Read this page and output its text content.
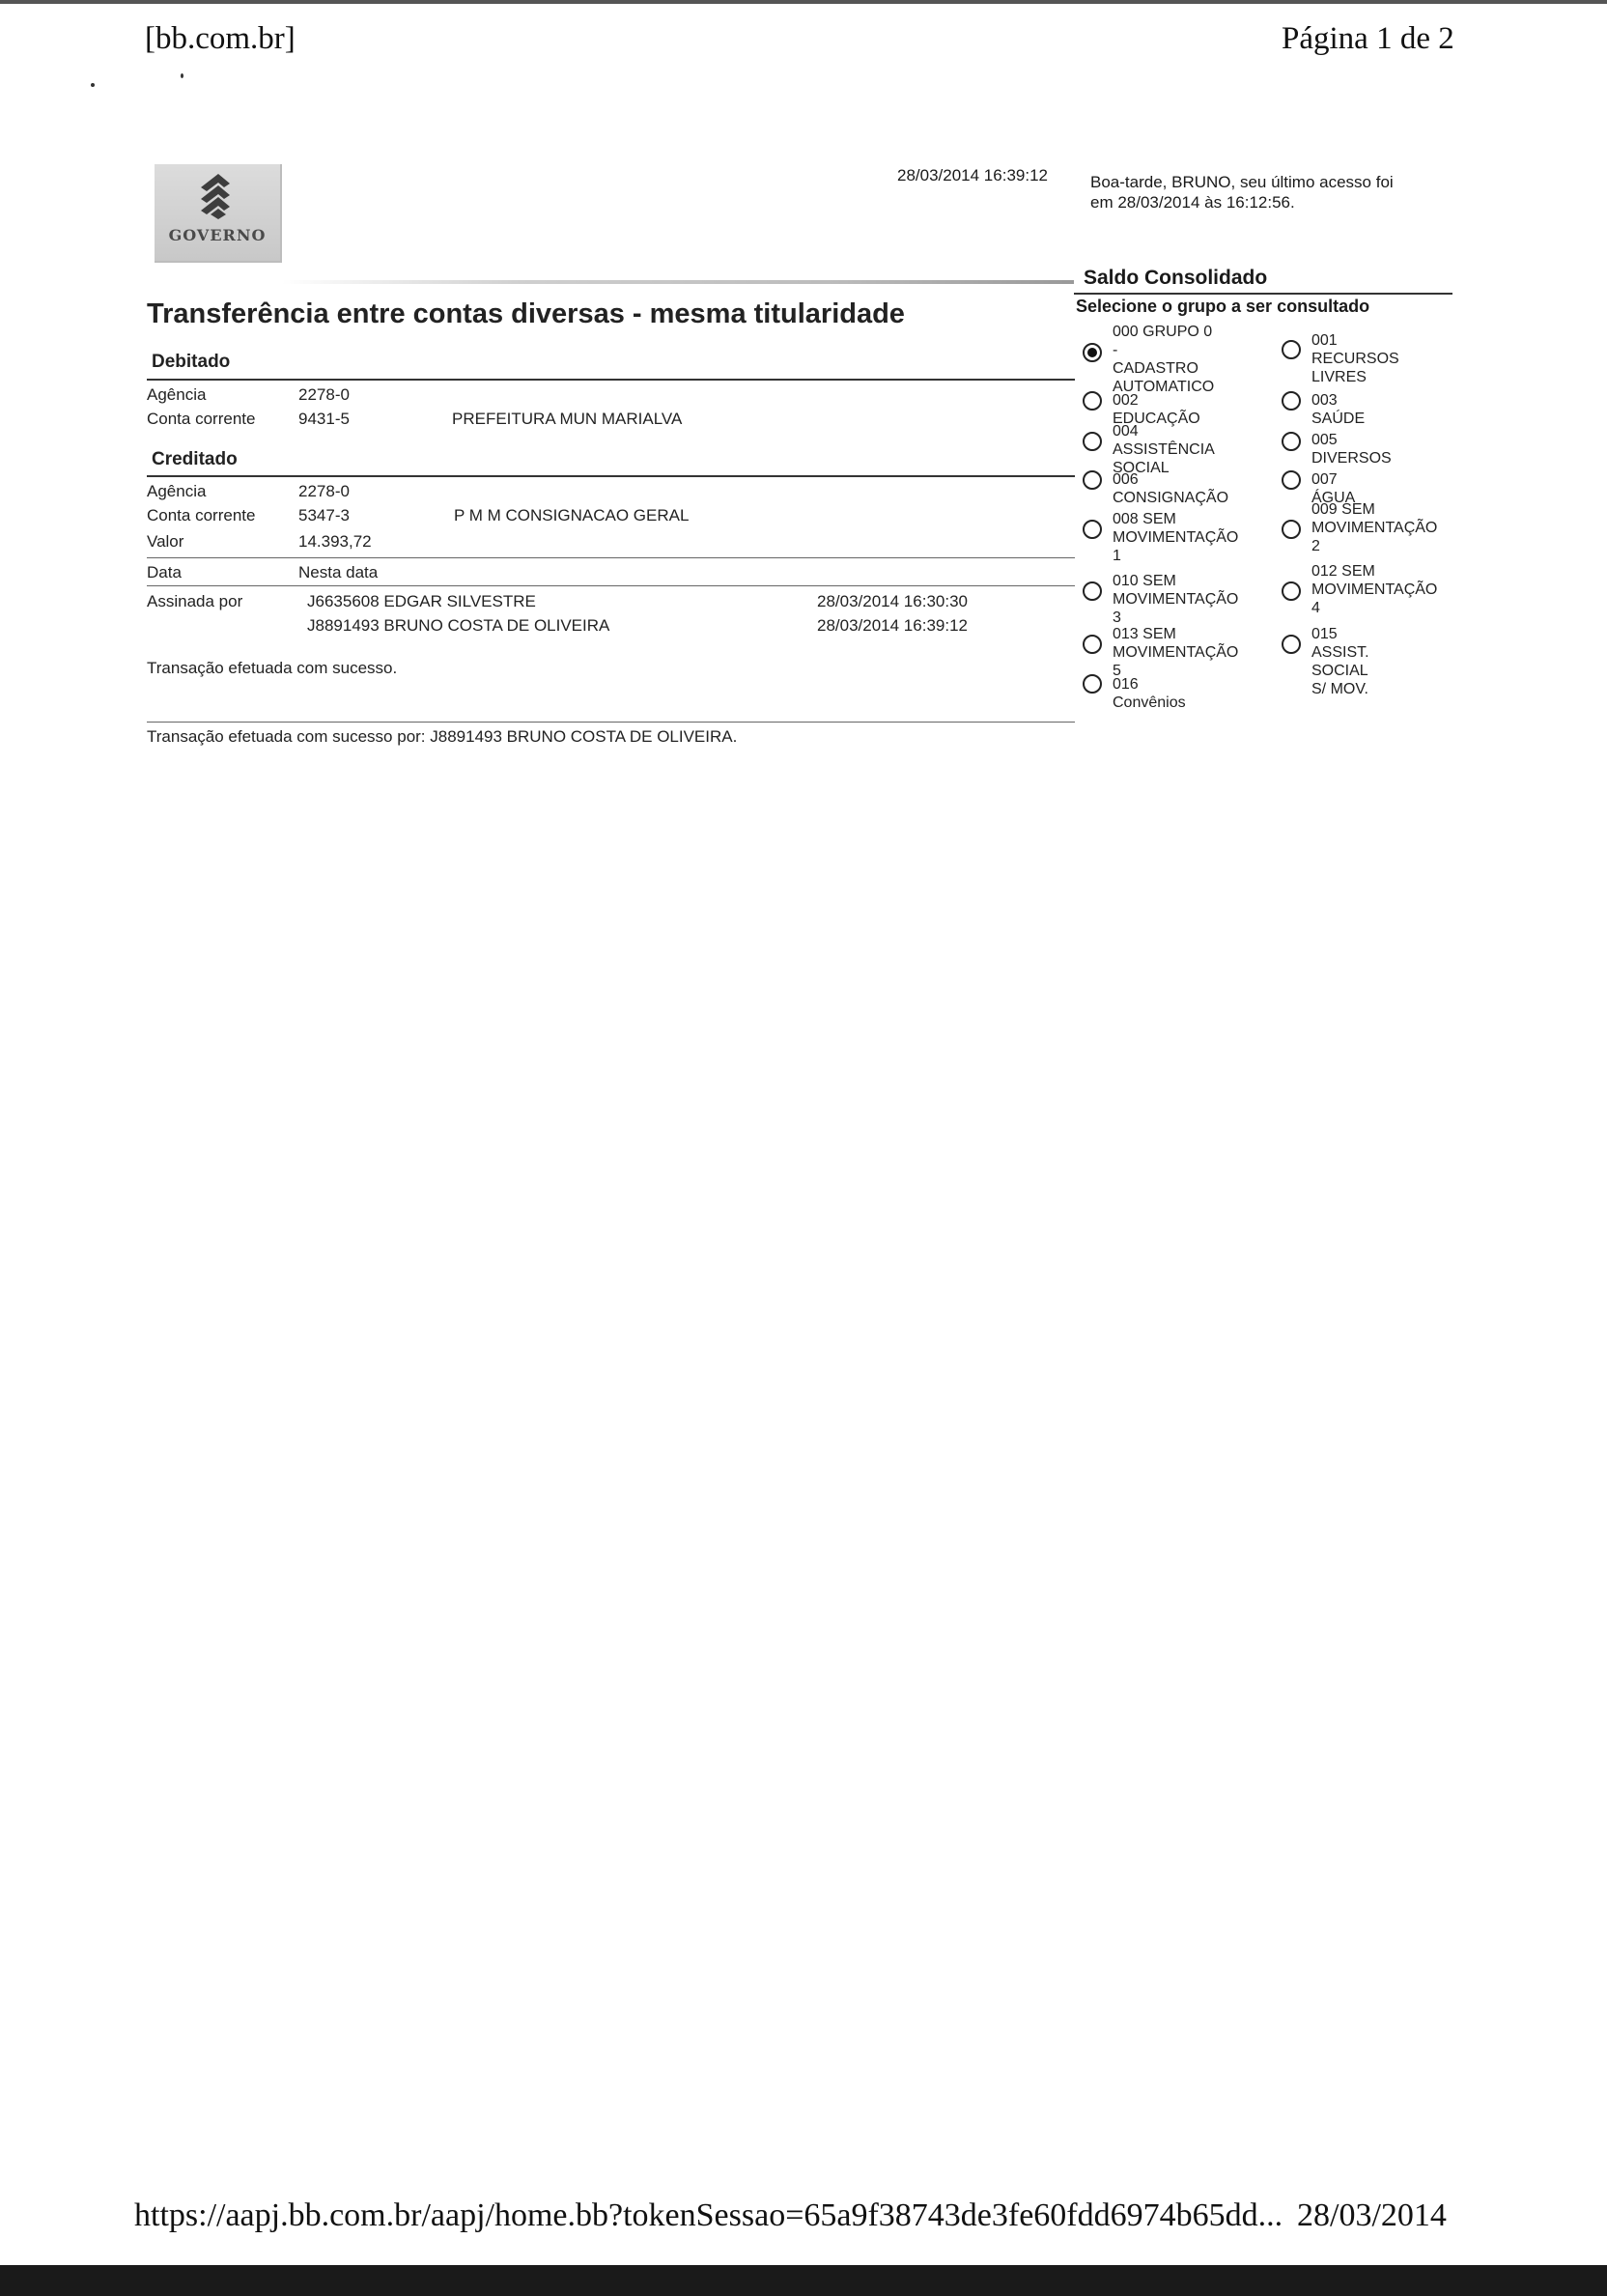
[bb.com.br]	Página 1 de 2
GOVERNO
28/03/2014 16:39:12	Boa-tarde, BRUNO, seu último acesso foi
em 28/03/2014 às 16:12:56.
Transferência entre contas diversas - mesma titularidade
Debitado
Agência	2278-0
Conta corrente	9431-5	PREFEITURA MUN MARIALVA
Creditado
Agência	2278-0
Conta corrente	5347-3	P M M CONSIGNACAO GERAL
Valor	14.393,72
Data	Nesta data
Assinada por	J6635608 EDGAR SILVESTRE	28/03/2014 16:30:30
J8891493 BRUNO COSTA DE OLIVEIRA	28/03/2014 16:39:12
Transação efetuada com sucesso.
Transação efetuada com sucesso por: J8891493 BRUNO COSTA DE OLIVEIRA.
Saldo Consolidado
Selecione o grupo a ser consultado
000 GRUPO 0 -
CADASTRO
AUTOMATICO
001 RECURSOS
LIVRES
002 EDUCAÇÃO
003 SAÚDE
004 ASSISTÊNCIA
SOCIAL
005 DIVERSOS
006 CONSIGNAÇÃO
007 ÁGUA
008 SEM
MOVIMENTAÇÃO 1
009 SEM
MOVIMENTAÇÃO
2
010 SEM
MOVIMENTAÇÃO 3
012 SEM
MOVIMENTAÇÃO
4
013 SEM
MOVIMENTAÇÃO 5
015 ASSIST.
SOCIAL S/ MOV.
016 Convênios
https://aapj.bb.com.br/aapj/home.bb?tokenSessao=65a9f38743de3fe60fdd6974b65dd... 28/03/2014
